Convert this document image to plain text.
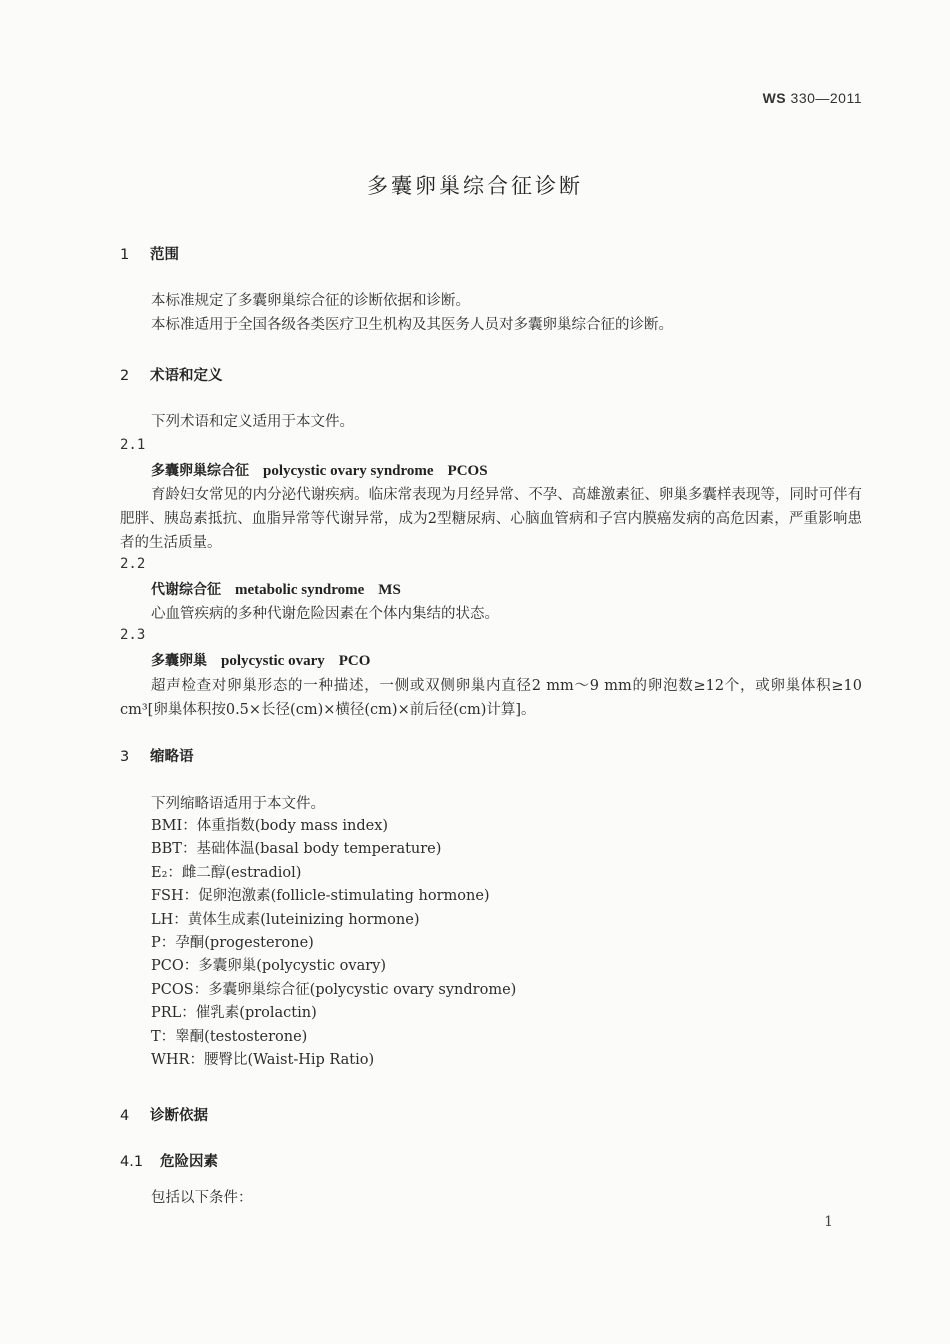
WS 330—2011
多囊卵巢综合征诊断
1 范围
本标准规定了多囊卵巢综合征的诊断依据和诊断。
本标准适用于全国各级各类医疗卫生机构及其医务人员对多囊卵巢综合征的诊断。
2 术语和定义
下列术语和定义适用于本文件。
2.1
多囊卵巢综合征 polycystic ovary syndrome PCOS
育龄妇女常见的内分泌代谢疾病。临床常表现为月经异常、不孕、高雄激素征、卵巢多囊样表现等，同时可伴有肥胖、胰岛素抵抗、血脂异常等代谢异常，成为2型糖尿病、心脑血管病和子宫内膜癌发病的高危因素，严重影响患者的生活质量。
2.2
代谢综合征 metabolic syndrome MS
心血管疾病的多种代谢危险因素在个体内集结的状态。
2.3
多囊卵巢 polycystic ovary PCO
超声检查对卵巢形态的一种描述，一侧或双侧卵巢内直径2 mm～9 mm的卵泡数≥12个，或卵巢体积≥10 cm³[卵巢体积按0.5×长径(cm)×横径(cm)×前后径(cm)计算]。
3 缩略语
下列缩略语适用于本文件。
BMI：体重指数(body mass index)
BBT：基础体温(basal body temperature)
E₂：雌二醇(estradiol)
FSH：促卵泡激素(follicle-stimulating hormone)
LH：黄体生成素(luteinizing hormone)
P：孕酮(progesterone)
PCO：多囊卵巢(polycystic ovary)
PCOS：多囊卵巢综合征(polycystic ovary syndrome)
PRL：催乳素(prolactin)
T：睾酮(testosterone)
WHR：腰臀比(Waist-Hip Ratio)
4 诊断依据
4.1 危险因素
包括以下条件：
1
